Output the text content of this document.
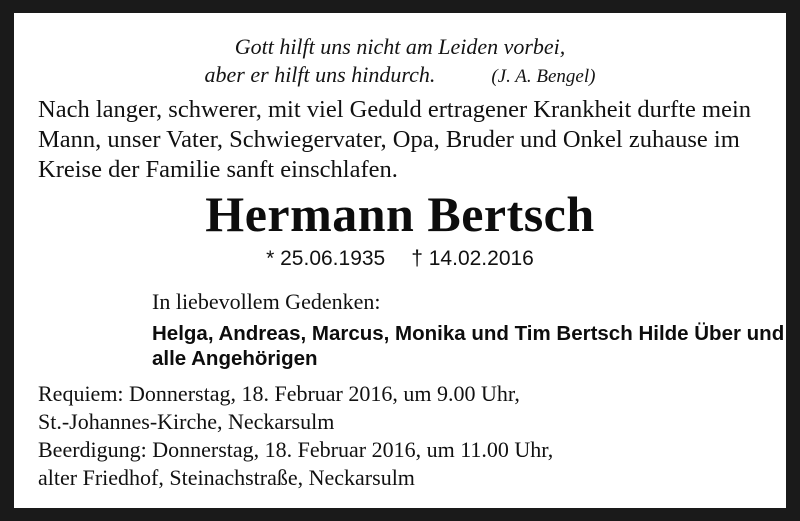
Gott hilft uns nicht am Leiden vorbei,
aber er hilft uns hindurch.	(J. A. Bengel)
Nach langer, schwerer, mit viel Geduld ertragener Krankheit durfte mein Mann, unser Vater, Schwiegervater, Opa, Bruder und Onkel zuhause im Kreise der Familie sanft einschlafen.
Hermann Bertsch
* 25.06.1935 † 14.02.2016
In liebevollem Gedenken:
Helga, Andreas, Marcus, Monika und Tim Bertsch Hilde Über und alle Angehörigen
Requiem: Donnerstag, 18. Februar 2016, um 9.00 Uhr,
St.-Johannes-Kirche, Neckarsulm
Beerdigung: Donnerstag, 18. Februar 2016, um 11.00 Uhr,
alter Friedhof, Steinachstraße, Neckarsulm
